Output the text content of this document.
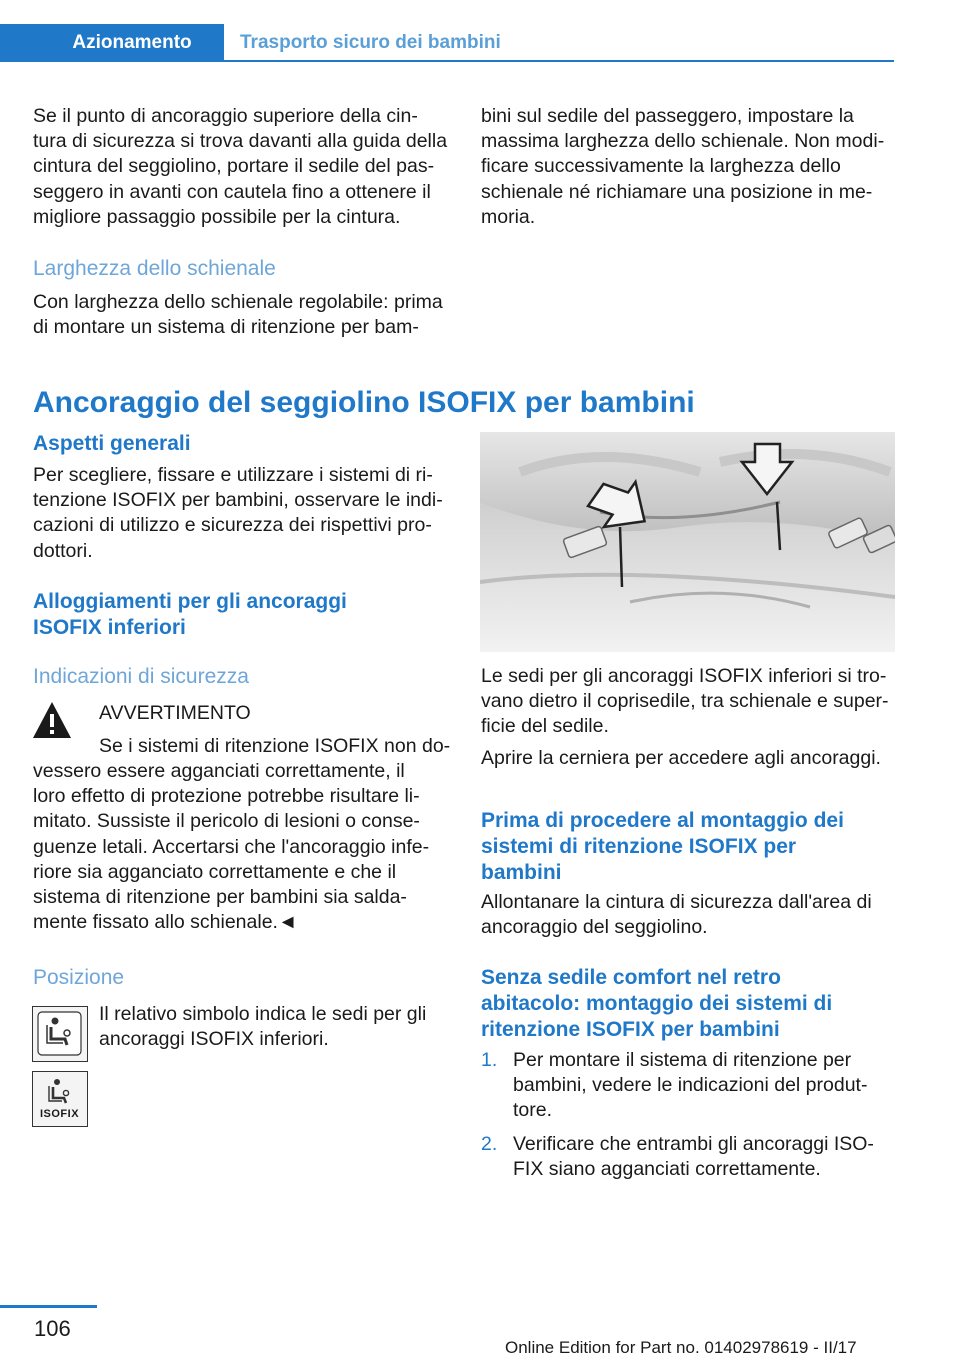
Azionamento	Trasporto sicuro dei bambini
Se il punto di ancoraggio superiore della cin-
tura di sicurezza si trova davanti alla guida della
cintura del seggiolino, portare il sedile del pas-
seggero in avanti con cautela fino a ottenere il
migliore passaggio possibile per la cintura.
Larghezza dello schienale
Con larghezza dello schienale regolabile: prima
di montare un sistema di ritenzione per bam-
bini sul sedile del passeggero, impostare la
massima larghezza dello schienale. Non modi-
ficare successivamente la larghezza dello
schienale né richiamare una posizione in me-
moria.
Ancoraggio del seggiolino ISOFIX per bambini
Aspetti generali
Per scegliere, fissare e utilizzare i sistemi di ri-
tenzione ISOFIX per bambini, osservare le indi-
cazioni di utilizzo e sicurezza dei rispettivi pro-
dottori.
Alloggiamenti per gli ancoraggi
ISOFIX inferiori
Indicazioni di sicurezza
AVVERTIMENTO
Se i sistemi di ritenzione ISOFIX non do-
vessero essere agganciati correttamente, il
loro effetto di protezione potrebbe risultare li-
mitato. Sussiste il pericolo di lesioni o conse-
guenze letali. Accertarsi che l'ancoraggio infe-
riore sia agganciato correttamente e che il
sistema di ritenzione per bambini sia salda-
mente fissato allo schienale.◄
Posizione
Il relativo simbolo indica le sedi per gli
ancoraggi ISOFIX inferiori.
ISOFIX
Le sedi per gli ancoraggi ISOFIX inferiori si tro-
vano dietro il coprisedile, tra schienale e super-
ficie del sedile.
Aprire la cerniera per accedere agli ancoraggi.
Prima di procedere al montaggio dei
sistemi di ritenzione ISOFIX per
bambini
Allontanare la cintura di sicurezza dall'area di
ancoraggio del seggiolino.
Senza sedile comfort nel retro
abitacolo: montaggio dei sistemi di
ritenzione ISOFIX per bambini
1. Per montare il sistema di ritenzione per
bambini, vedere le indicazioni del produt-
tore.
2. Verificare che entrambi gli ancoraggi ISO-
FIX siano agganciati correttamente.
106
Online Edition for Part no. 01402978619 - II/17
